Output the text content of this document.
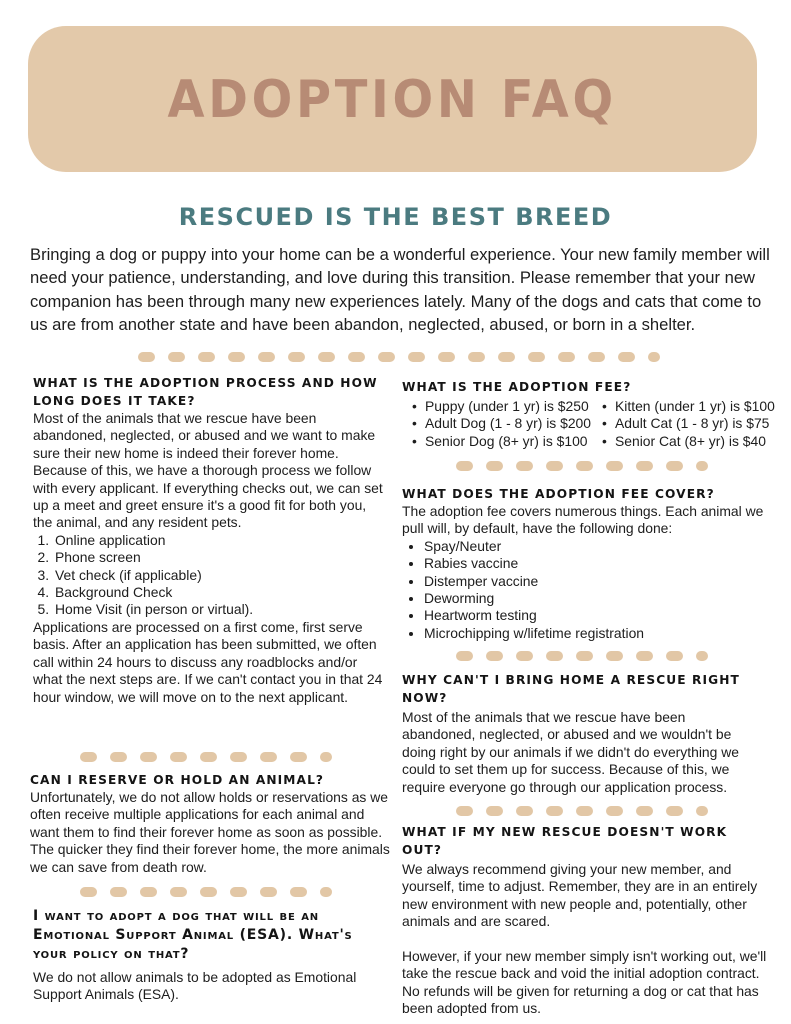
ADOPTION FAQ
RESCUED IS THE BEST BREED
Bringing a dog or puppy into your home can be a wonderful experience. Your new family member will need your patience, understanding, and love during this transition. Please remember that your new companion has been through many new experiences lately. Many of the dogs and cats that come to us are from another state and have been abandon, neglected, abused, or born in a shelter.
WHAT IS THE ADOPTION PROCESS AND HOW LONG DOES IT TAKE?

Most of the animals that we rescue have been abandoned, neglected, or abused and we want to make sure their new home is indeed their forever home. Because of this, we have a thorough process we follow with every applicant. If everything checks out, we can set up a meet and greet ensure it's a good fit for both you, the animal, and any resident pets.

1. Online application
2. Phone screen
3. Vet check (if applicable)
4. Background Check
5. Home Visit (in person or virtual).

Applications are processed on a first come, first serve basis. After an application has been submitted, we often call within 24 hours to discuss any roadblocks and/or what the next steps are. If we can't contact you in that 24 hour window, we will move on to the next applicant.

CAN I RESERVE OR HOLD AN ANIMAL?
Unfortunately, we do not allow holds or reservations as we often receive multiple applications for each animal and want them to find their forever home as soon as possible. The quicker they find their forever home, the more animals we can save from death row.
I want to adopt a dog that will be an Emotional Support Animal (ESA). What's your policy on that?
We do not allow animals to be adopted as Emotional Support Animals (ESA).
WHAT IS THE ADOPTION FEE?
• Puppy (under 1 yr) is $250	• Kitten (under 1 yr) is $100
• Adult Dog (1 - 8 yr) is $200	• Adult Cat (1 - 8 yr) is $75
• Senior Dog (8+ yr) is $100	• Senior Cat (8+ yr) is $40
WHAT DOES THE ADOPTION FEE COVER?

The adoption fee covers numerous things. Each animal we pull will, by default, have the following done:

• Spay/Neuter
• Rabies vaccine
• Distemper vaccine
• Deworming
• Heartworm testing
• Microchipping w/lifetime registration
WHY CAN'T I BRING HOME A RESCUE RIGHT NOW?
Most of the animals that we rescue have been abandoned, neglected, or abused and we wouldn't be doing right by our animals if we didn't do everything we could to set them up for success. Because of this, we require everyone go through our application process.
WHAT IF MY NEW RESCUE DOESN'T WORK OUT?

We always recommend giving your new member, and yourself, time to adjust. Remember, they are in an entirely new environment with new people and, potentially, other animals and are scared.

However, if your new member simply isn't working out, we'll take the rescue back and void the initial adoption contract. No refunds will be given for returning a dog or cat that has been adopted from us.
